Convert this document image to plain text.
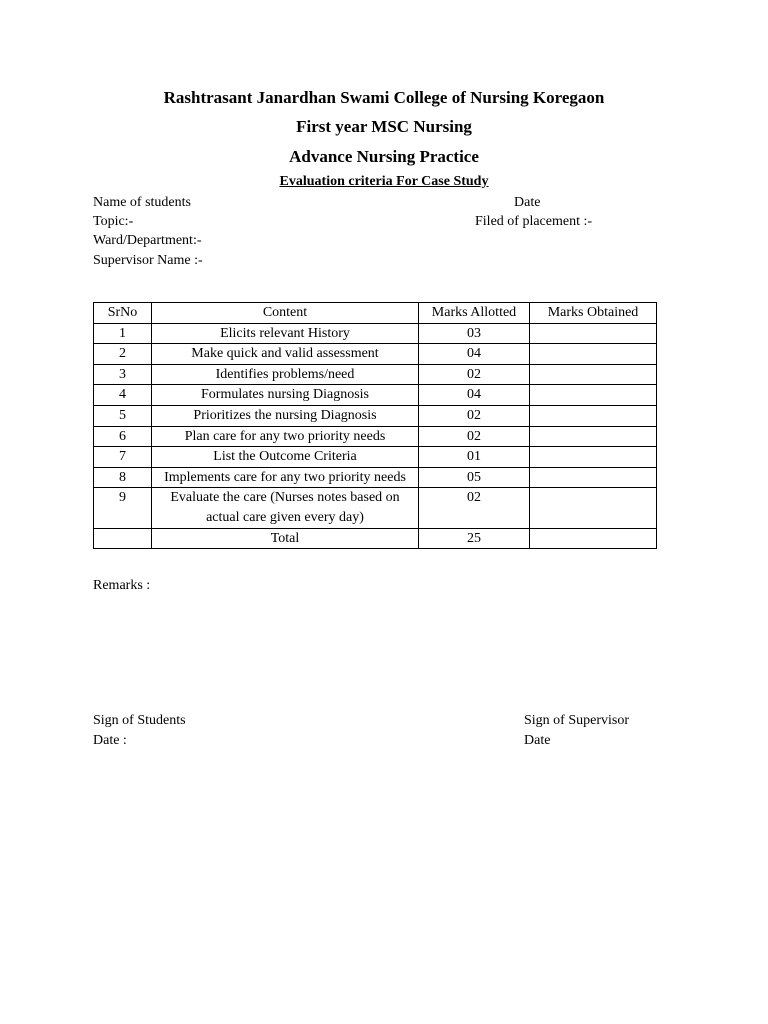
Rashtrasant Janardhan Swami College of Nursing Koregaon
First year MSC Nursing
Advance Nursing Practice
Evaluation criteria For Case Study
Name of students	Date
Topic:-	Filed of placement :-
Ward/Department:-
Supervisor Name :-
SrNo	Content	Marks Allotted	Marks Obtained
1	Elicits relevant History	03	
2	Make quick and valid assessment	04	
3	Identifies problems/need	02	
4	Formulates nursing Diagnosis	04	
5	Prioritizes the nursing Diagnosis	02	
6	Plan care for any two priority needs	02	
7	List the Outcome Criteria	01	
8	Implements care for any two priority needs	05	
9	Evaluate the care (Nurses notes based on actual care given every day)	02	
	Total	25	
Remarks :
Sign of Students
Date :
Sign of Supervisor
Date
